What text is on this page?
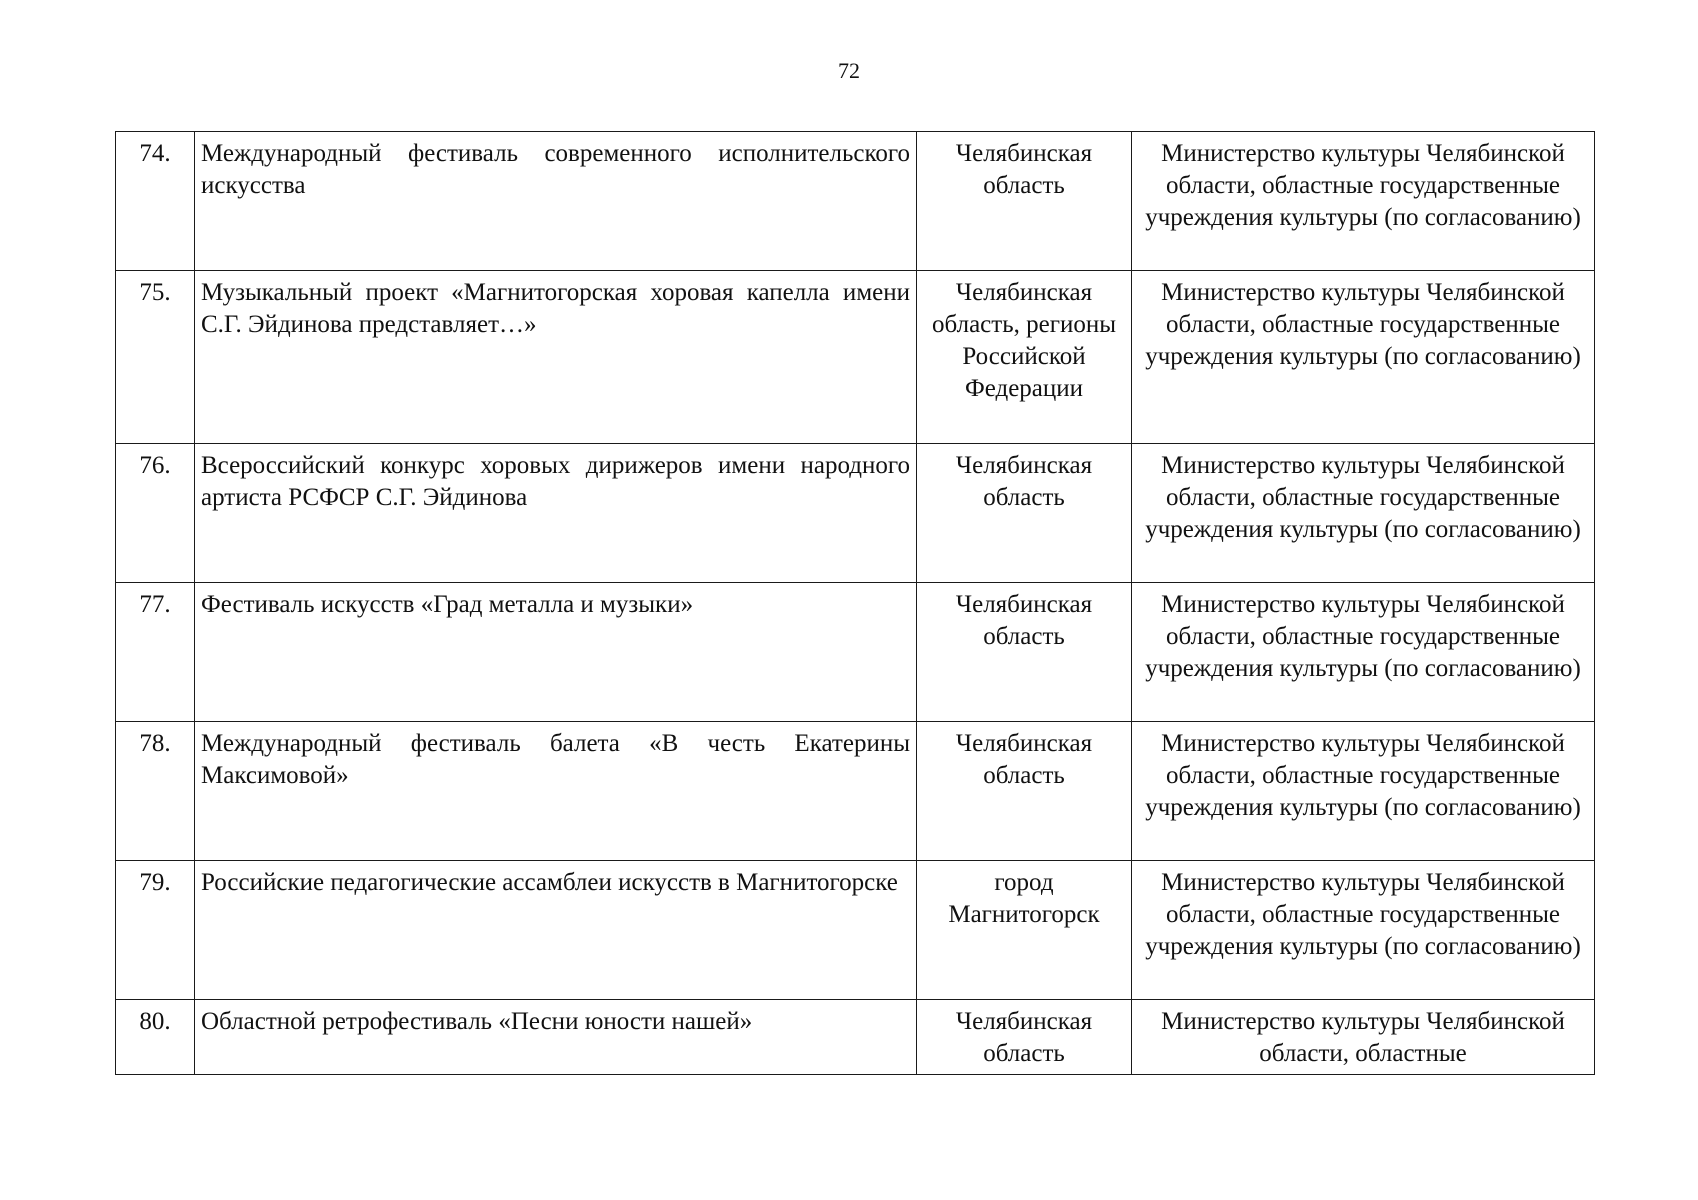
72
74.	Международный фестиваль современного исполнительского искусства	Челябинская область	Министерство культуры Челябинской области, областные государственные учреждения культуры (по согласованию)
75.	Музыкальный проект «Магнитогорская хоровая капелла имени С.Г. Эйдинова представляет…»	Челябинская область, регионы Российской Федерации	Министерство культуры Челябинской области, областные государственные учреждения культуры (по согласованию)
76.	Всероссийский конкурс хоровых дирижеров имени народного артиста РСФСР С.Г. Эйдинова	Челябинская область	Министерство культуры Челябинской области, областные государственные учреждения культуры (по согласованию)
77.	Фестиваль искусств «Град металла и музыки»	Челябинская область	Министерство культуры Челябинской области, областные государственные учреждения культуры (по согласованию)
78.	Международный фестиваль балета «В честь Екатерины Максимовой»	Челябинская область	Министерство культуры Челябинской области, областные государственные учреждения культуры (по согласованию)
79.	Российские педагогические ассамблеи искусств в Магнитогорске	город Магнитогорск	Министерство культуры Челябинской области, областные государственные учреждения культуры (по согласованию)
80.	Областной ретрофестиваль «Песни юности нашей»	Челябинская область	Министерство культуры Челябинской области, областные
